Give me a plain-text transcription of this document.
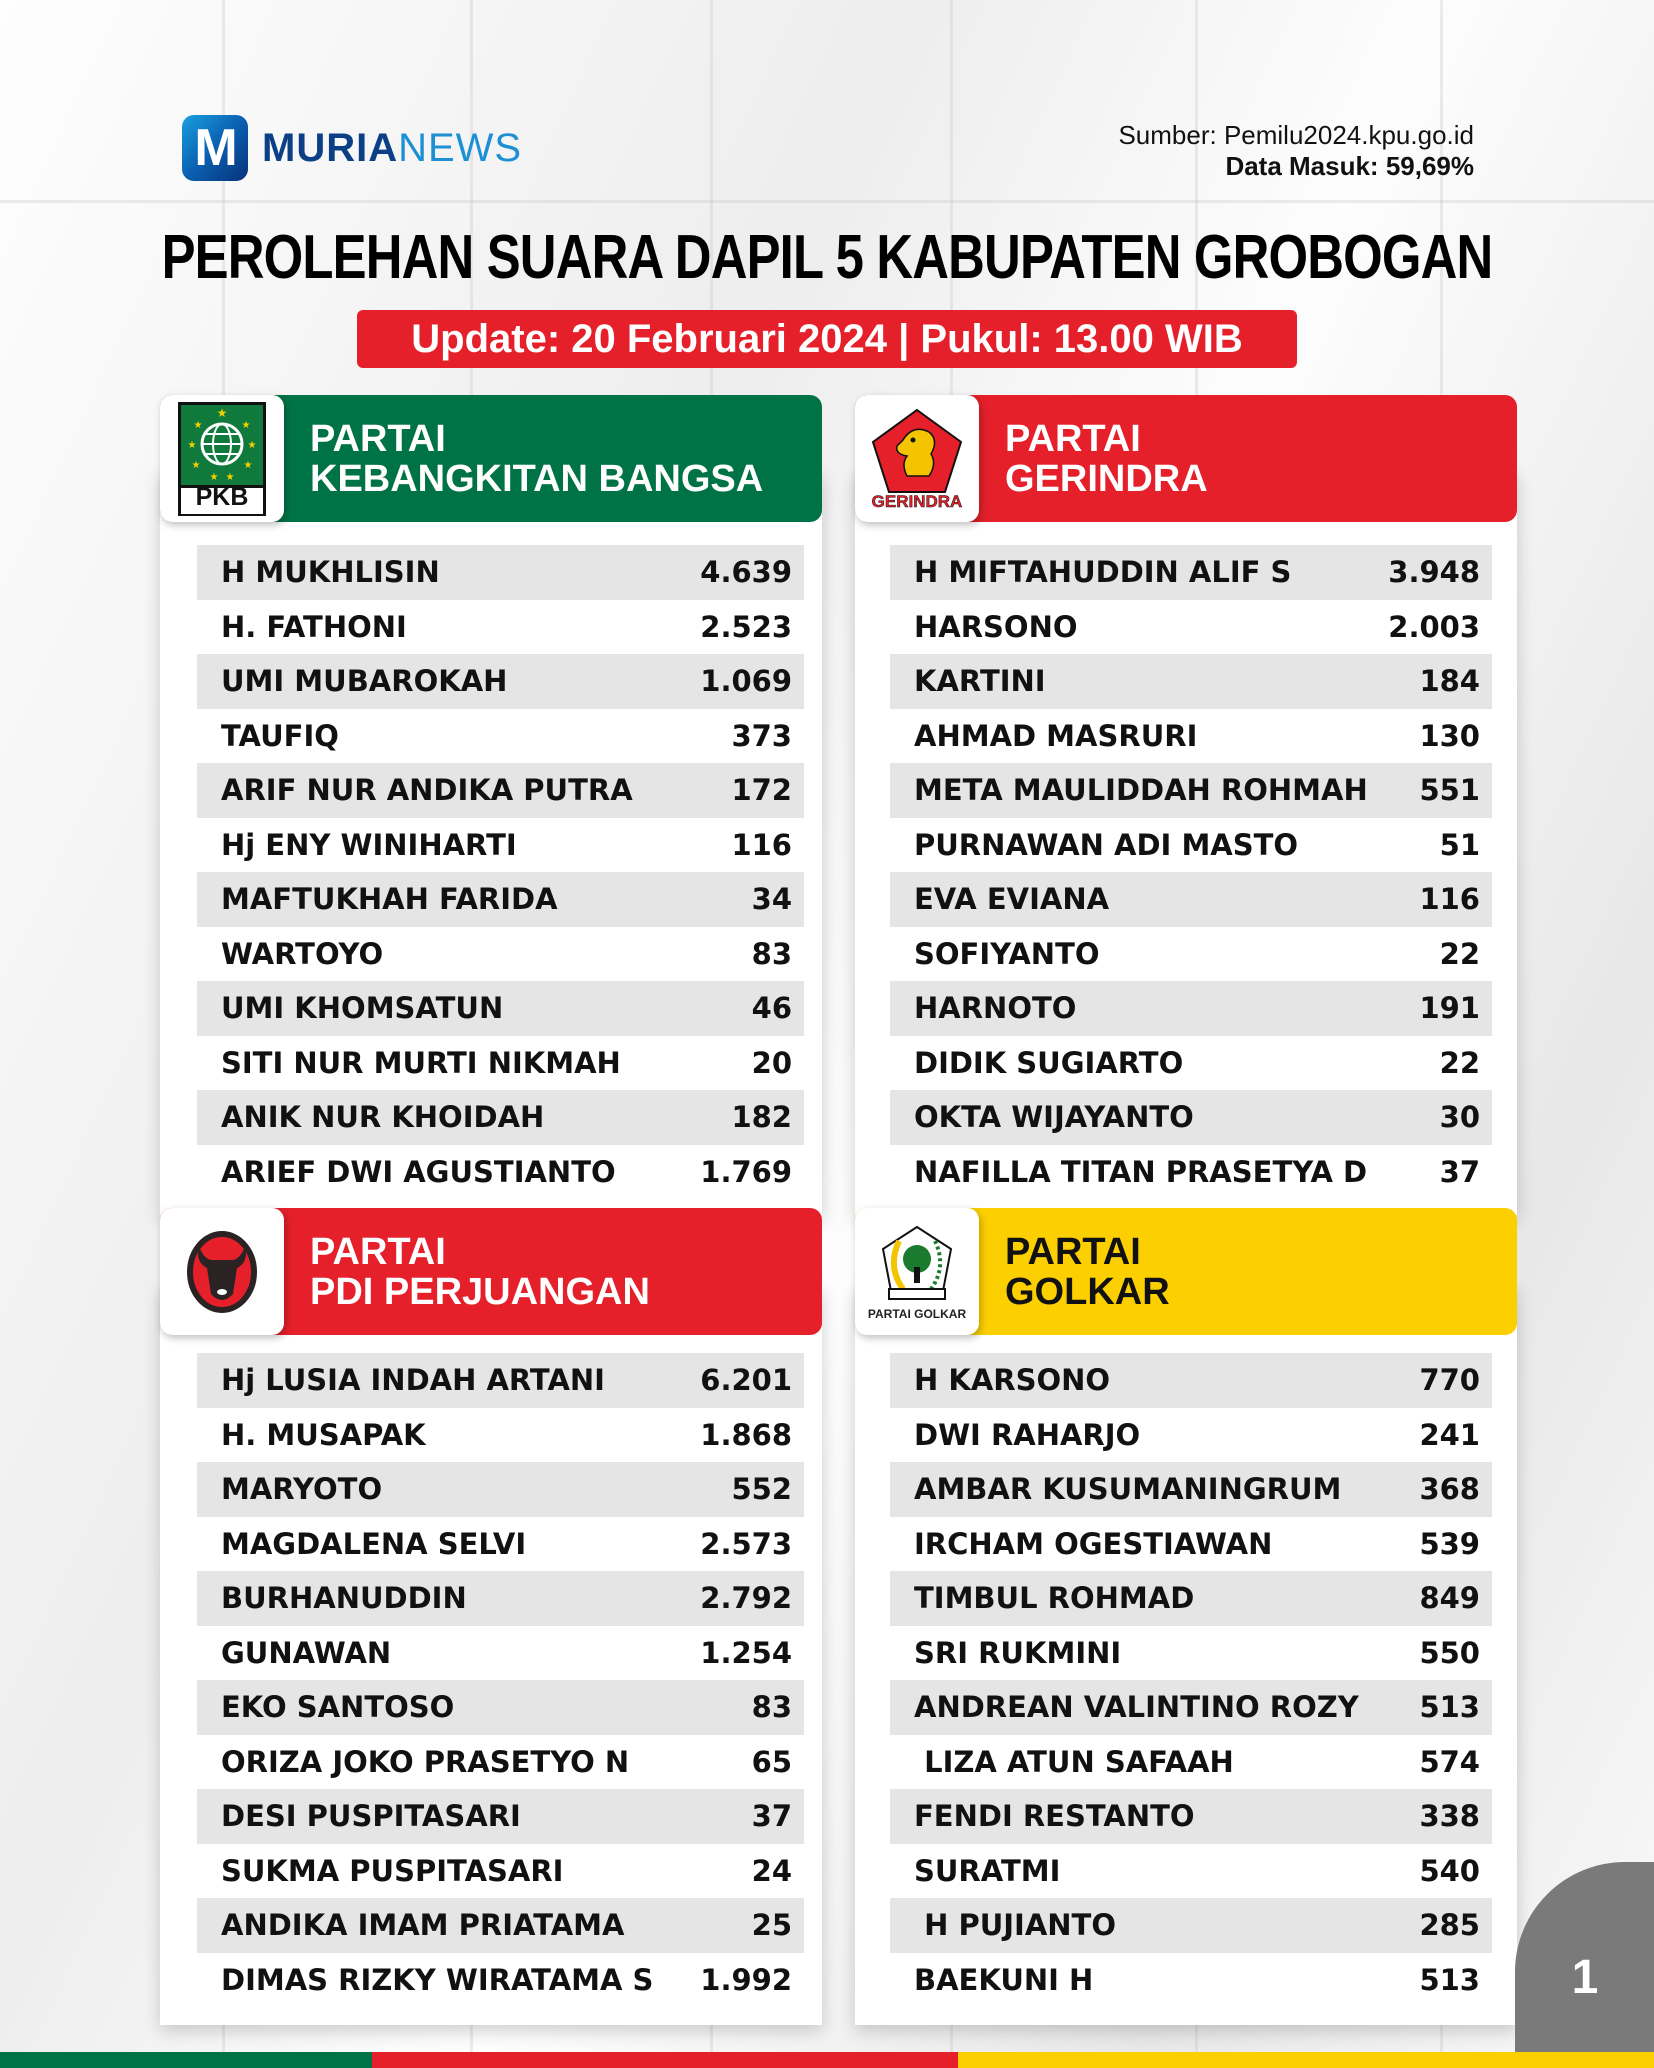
M MURIANEWS	Sumber: Pemilu2024.kpu.go.id
Data Masuk: 59,69%
PEROLEHAN SUARA DAPIL 5 KABUPATEN GROBOGAN
Update: 20 Februari 2024 | Pukul: 13.00 WIB
★
★	★
★	★
★	★
★ ★
PKB
PARTAI
KEBANGKITAN BANGSA
H MUKHLISIN	4.639
H. FATHONI	2.523
UMI MUBAROKAH	1.069
TAUFIQ	373
ARIF NUR ANDIKA PUTRA	172
Hj ENY WINIHARTI	116
MAFTUKHAH FARIDA	34
WARTOYO	83
UMI KHOMSATUN	46
SITI NUR MURTI NIKMAH	20
ANIK NUR KHOIDAH	182
ARIEF DWI AGUSTIANTO	1.769
GERINDRA
PARTAI
GERINDRA
H MIFTAHUDDIN ALIF S	3.948
HARSONO	2.003
KARTINI	184
AHMAD MASRURI	130
META MAULIDDAH ROHMAH 551
PURNAWAN ADI MASTO	51
EVA EVIANA	116
SOFIYANTO	22
HARNOTO	191
DIDIK SUGIARTO	22
OKTA WIJAYANTO	30
NAFILLA TITAN PRASETYA D	37
PARTAI
PDI PERJUANGAN
Hj LUSIA INDAH ARTANI	6.201
H. MUSAPAK	1.868
MARYOTO	552
MAGDALENA SELVI	2.573
BURHANUDDIN	2.792
GUNAWAN	1.254
EKO SANTOSO	83
ORIZA JOKO PRASETYO N	65
DESI PUSPITASARI	37
SUKMA PUSPITASARI	24
ANDIKA IMAM PRIATAMA	25
DIMAS RIZKY WIRATAMA S 1.992
PARTAI GOLKAR
PARTAI
GOLKAR
H KARSONO	770
DWI RAHARJO	241
AMBAR KUSUMANINGRUM	368
IRCHAM OGESTIAWAN	539
TIMBUL ROHMAD	849
SRI RUKMINI	550
ANDREAN VALINTINO ROZY 513
LIZA ATUN SAFAAH	574
FENDI RESTANTO	338
SURATMI	540
H PUJIANTO	285
BAEKUNI H	513 1
